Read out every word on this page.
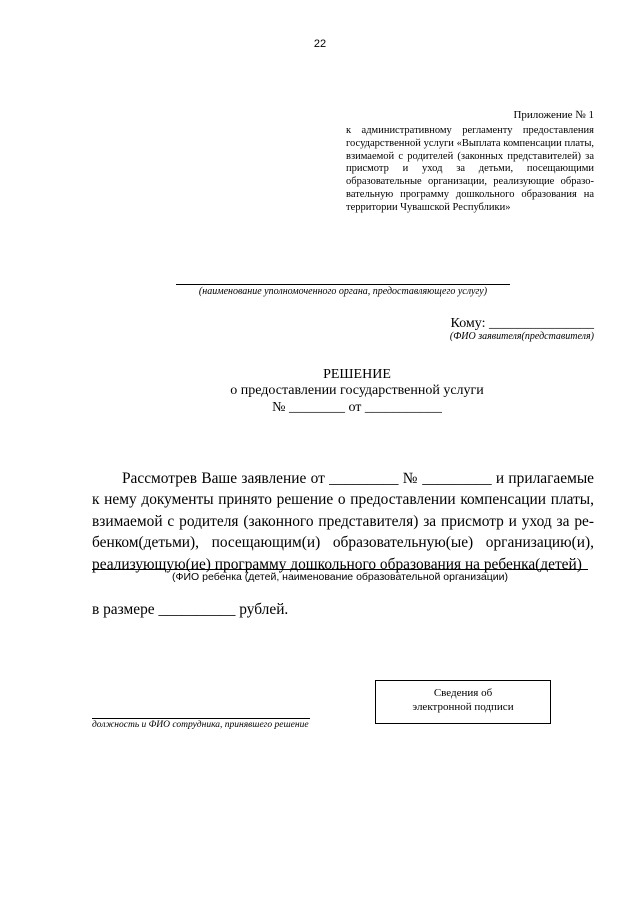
22
Приложение № 1
к административному регламенту предоставления государственной услуги «Выплата компенсации платы, взимаемой с родителей (законных представителей) за присмотр и уход за детьми, посещающими образовательные организации, реализующие образовательную программу дошкольного образования на территории Чувашской Республики»
(наименование уполномоченного органа, предоставляющего услугу)
Кому: _______________
(ФИО заявителя(представителя)
РЕШЕНИЕ
о предоставлении государственной услуги
№ ________ от ___________
Рассмотрев Ваше заявление от _________ № _________ и прилагаемые к нему документы принято решение о предоставлении компенсации платы, взимаемой с родителя (законного представителя) за присмотр и уход за ребенком(детьми), посещающим(и) образовательную(ые) организацию(и), реализующую(ие) программу дошкольного образования на ребенка(детей)
(ФИО ребенка (детей, наименование образовательной организации)
в размере __________ рублей.
Сведения об
электронной подписи
должность и ФИО сотрудника, принявшего решение
